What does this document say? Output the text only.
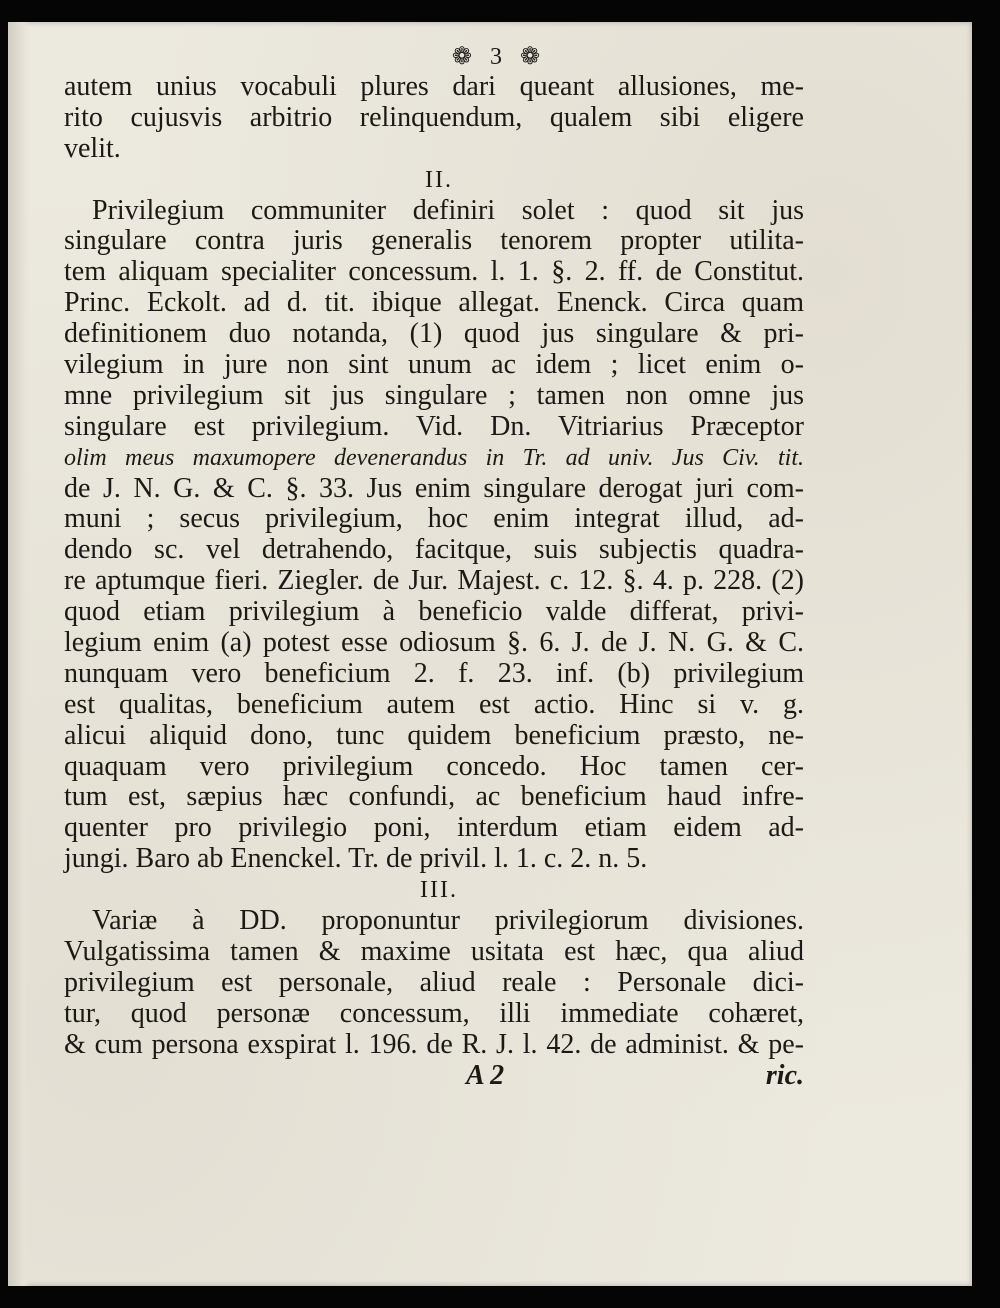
❁ 3 ❁
autem unius vocabuli plures dari queant allusiones, me-
rito cujusvis arbitrio relinquendum, qualem sibi eligere
velit.
II.
Privilegium communiter definiri solet : quod sit jus
singulare contra juris generalis tenorem propter utilita-
tem aliquam specialiter concessum. l. 1. §. 2. ff. de Constitut.
Princ. Eckolt. ad d. tit. ibique allegat. Enenck. Circa quam
definitionem duo notanda, (1) quod jus singulare & pri-
vilegium in jure non sint unum ac idem ; licet enim o-
mne privilegium sit jus singulare ; tamen non omne jus
singulare est privilegium. Vid. Dn. Vitriarius Præceptor
olim meus maxumopere devenerandus in Tr. ad univ. Jus Civ. tit.
de J. N. G. & C. §. 33. Jus enim singulare derogat juri com-
muni ; secus privilegium, hoc enim integrat illud, ad-
dendo sc. vel detrahendo, facitque, suis subjectis quadra-
re aptumque fieri. Ziegler. de Jur. Majest. c. 12. §. 4. p. 228. (2)
quod etiam privilegium à beneficio valde differat, privi-
legium enim (a) potest esse odiosum §. 6. J. de J. N. G. & C.
nunquam vero beneficium 2. f. 23. inf. (b) privilegium
est qualitas, beneficium autem est actio. Hinc si v. g.
alicui aliquid dono, tunc quidem beneficium præsto, ne-
quaquam vero privilegium concedo. Hoc tamen cer-
tum est, sæpius hæc confundi, ac beneficium haud infre-
quenter pro privilegio poni, interdum etiam eidem ad-
jungi. Baro ab Enenckel. Tr. de privil. l. 1. c. 2. n. 5.
III.
Variæ à DD. proponuntur privilegiorum divisiones.
Vulgatissima tamen & maxime usitata est hæc, qua aliud
privilegium est personale, aliud reale : Personale dici-
tur, quod personæ concessum, illi immediate cohæret,
& cum persona exspirat l. 196. de R. J. l. 42. de administ. & pe-
A 2	ric.
